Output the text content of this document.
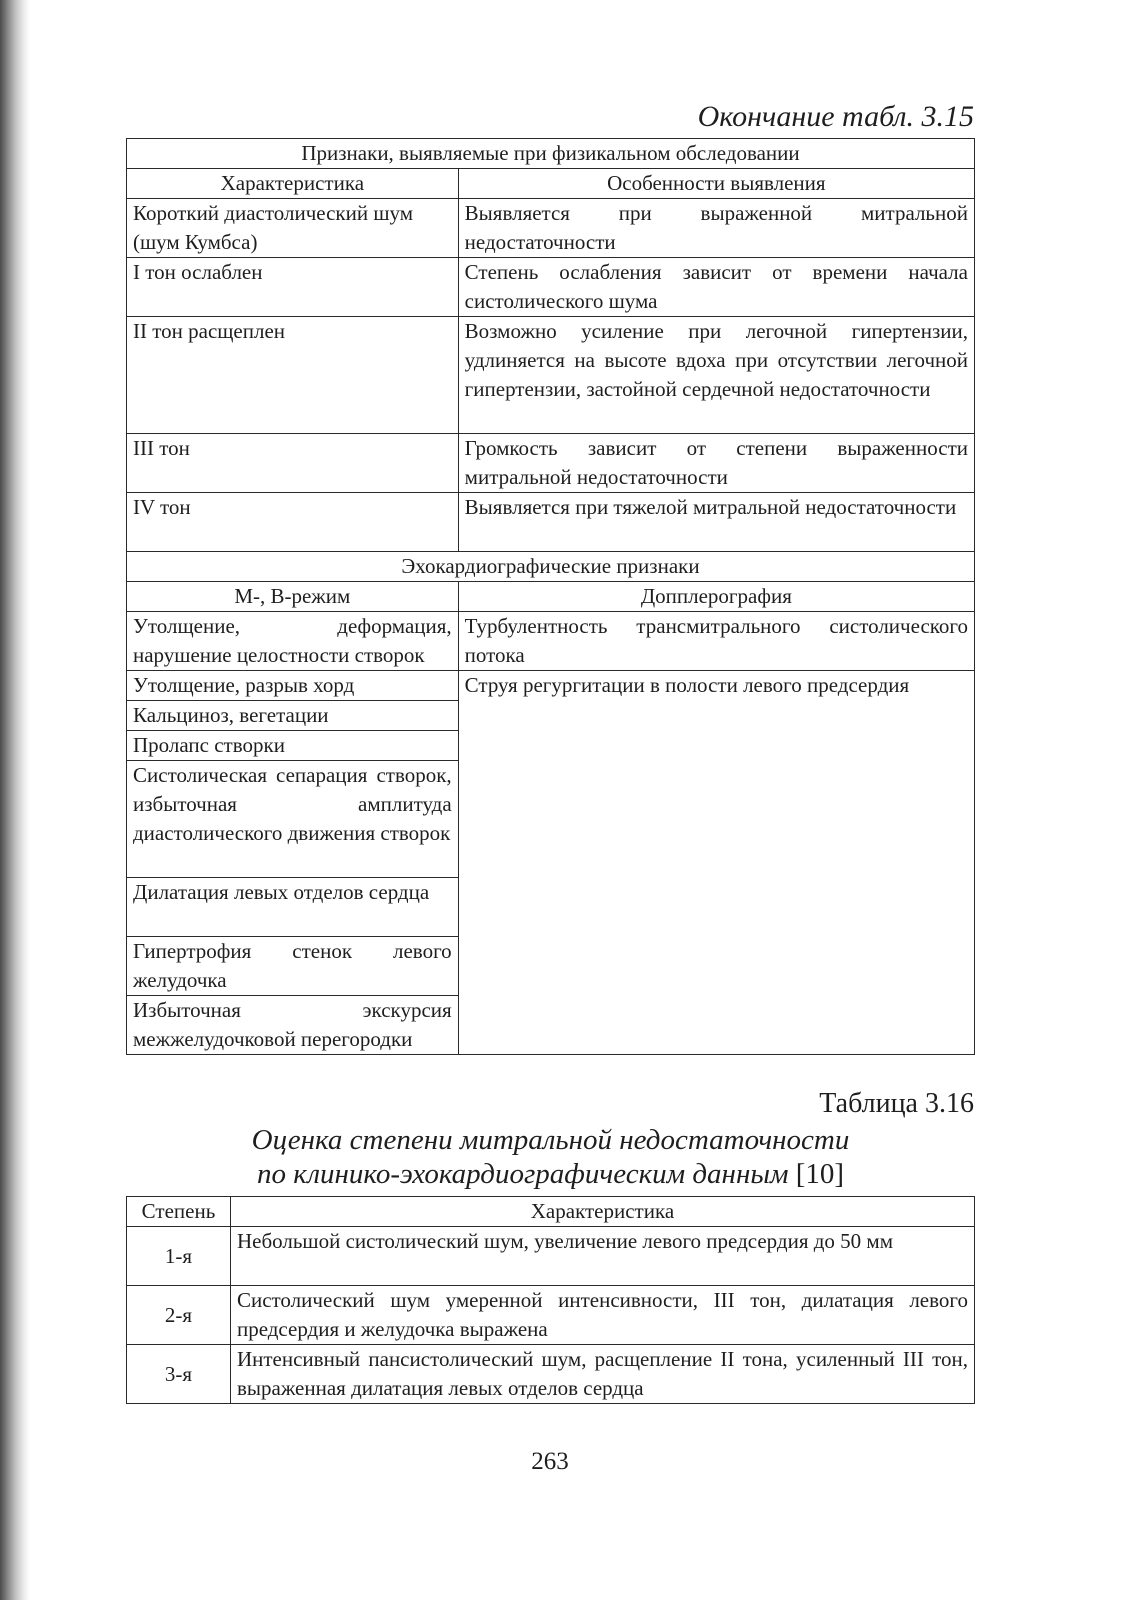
Окончание табл. 3.15
Признаки, выявляемые при физикальном обследовании	
Характеристика	Особенности выявления
Короткий диастолический шум (шум Кумбса)	Выявляется при выраженной митральной недостаточности
I тон ослаблен	Степень ослабления зависит от времени начала систолического шума
II тон расщеплен	Возможно усиление при легочной гипертензии, удлиняется на высоте вдоха при отсутствии легочной гипертензии, застойной сердечной недостаточности
III тон	Громкость зависит от степени выраженности митральной недостаточности
IV тон	Выявляется при тяжелой митральной недостаточности
Эхокардиографические признаки	
М-, В-режим	Допплерография
Утолщение, деформация, нарушение целостности створок	Турбулентность трансмитрального систолического потока
Утолщение, разрыв хорд	Струя регургитации в полости левого предсердия
Кальциноз, вегетации	
Пролапс створки	
Систолическая сепарация створок, избыточная амплитуда диастолического движения створок	
Дилатация левых отделов сердца	
Гипертрофия стенок левого желудочка	
Избыточная экскурсия межжелудочковой перегородки	
Таблица 3.16
Оценка степени митральной недостаточности
по клинико-эхокардиографическим данным [10]
Степень	Характеристика
1-я	Небольшой систолический шум, увеличение левого предсердия до 50 мм
2-я	Систолический шум умеренной интенсивности, III тон, дилатация левого предсердия и желудочка выражена
3-я	Интенсивный пансистолический шум, расщепление II тона, усиленный III тон, выраженная дилатация левых отделов сердца
263
